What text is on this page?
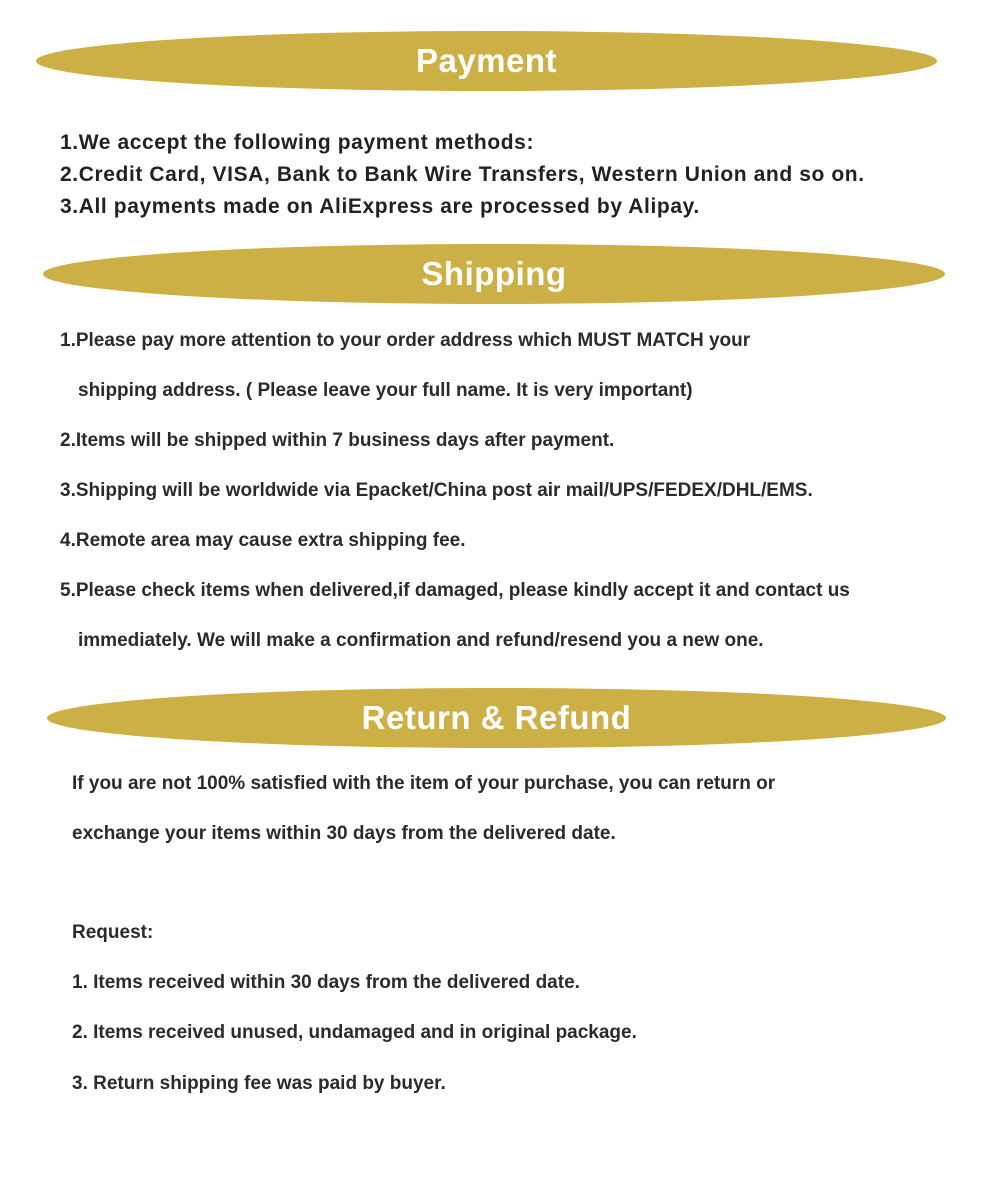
Payment
1.We accept the following payment methods:
2.Credit Card, VISA, Bank to Bank Wire Transfers, Western Union and so on.
3.All payments made on AliExpress are processed by Alipay.
Shipping
1.Please pay more attention to your order address which MUST MATCH your
shipping address. ( Please leave your full name. It is very important)
2.Items will be shipped within 7 business days after payment.
3.Shipping will be worldwide via Epacket/China post air mail/UPS/FEDEX/DHL/EMS.
4.Remote area may cause extra shipping fee.
5.Please check items when delivered,if damaged, please kindly accept it and contact us
immediately. We will make a confirmation and refund/resend you a new one.
Return & Refund
If you are not 100% satisfied with the item of your purchase, you can return or
exchange your items within 30 days from the delivered date.
Request:
1. Items received within 30 days from the delivered date.
2. Items received unused, undamaged and in original package.
3. Return shipping fee was paid by buyer.
